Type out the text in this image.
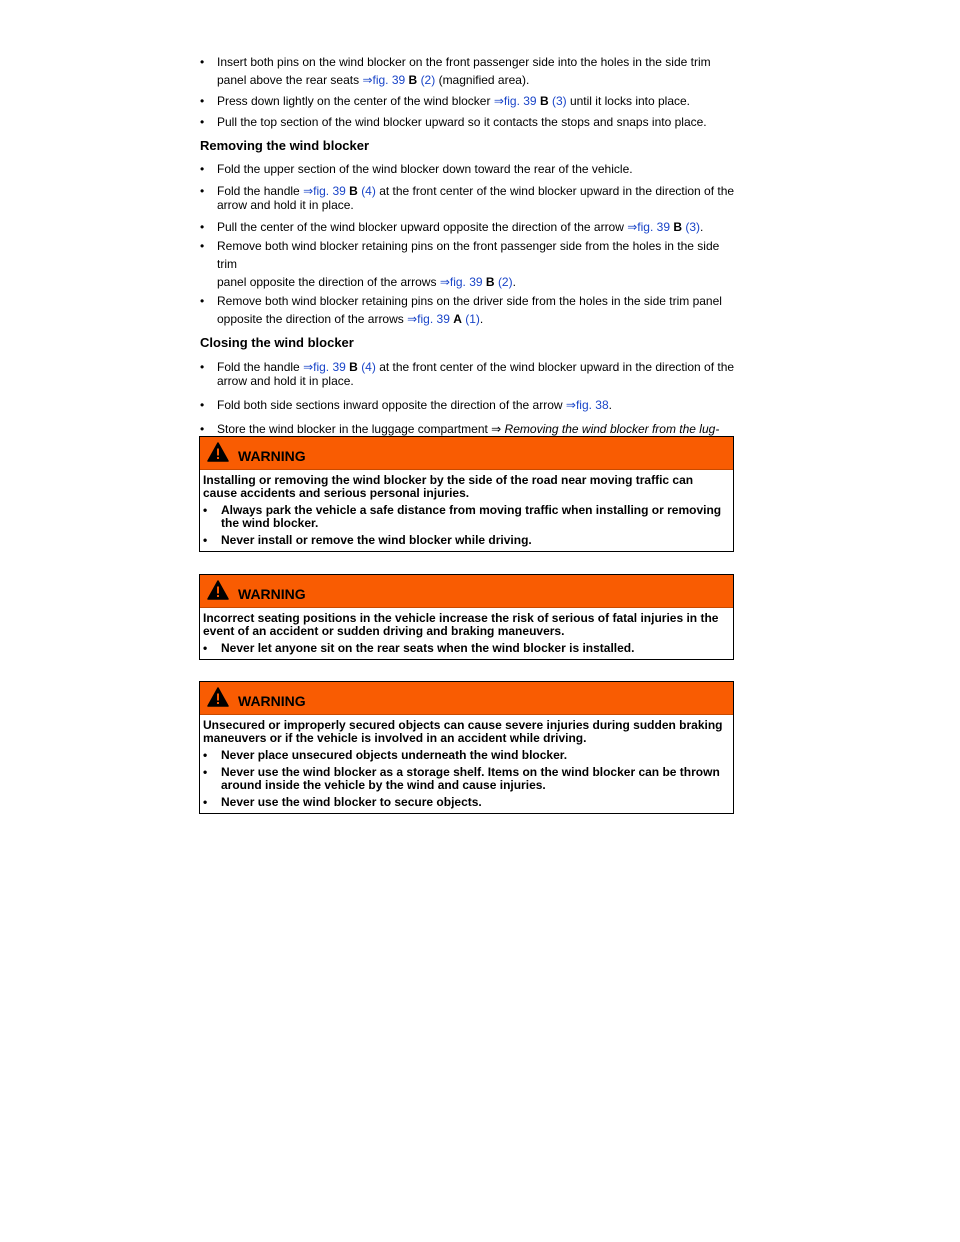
•
Insert both pins on the wind blocker on the front passenger side into the holes in the side trim
panel above the rear seats ⇒fig. 39 B (2) (magnified area).
•
Press down lightly on the center of the wind blocker ⇒fig. 39 B (3) until it locks into place.
•
Pull the top section of the wind blocker upward so it contacts the stops and snaps into place.
Removing the wind blocker
•
Fold the upper section of the wind blocker down toward the rear of the vehicle.
•
Fold the handle ⇒fig. 39 B (4) at the front center of the wind blocker upward in the direction of the
arrow and hold it in place.
•
Pull the center of the wind blocker upward opposite the direction of the arrow ⇒fig. 39 B (3).
•
Remove both wind blocker retaining pins on the front passenger side from the holes in the side trim
panel opposite the direction of the arrows ⇒fig. 39 B (2).
•
Remove both wind blocker retaining pins on the driver side from the holes in the side trim panel
opposite the direction of the arrows ⇒fig. 39 A (1).
Closing the wind blocker
•
Fold the handle ⇒fig. 39 B (4) at the front center of the wind blocker upward in the direction of the
arrow and hold it in place.
•
Fold both side sections inward opposite the direction of the arrow ⇒fig. 38.
•
Store the wind blocker in the luggage compartment ⇒ Removing the wind blocker from the lug-

WARNING
Installing or removing the wind blocker by the side of the road near moving traffic can cause accidents and serious personal injuries.
•
Always park the vehicle a safe distance from moving traffic when installing or removing the wind blocker.
•
Never install or remove the wind blocker while driving.
WARNING
Incorrect seating positions in the vehicle increase the risk of serious of fatal injuries in the event of an accident or sudden driving and braking maneuvers.
•
Never let anyone sit on the rear seats when the wind blocker is installed.
WARNING
Unsecured or improperly secured objects can cause severe injuries during sudden braking maneuvers or if the vehicle is involved in an accident while driving.
•
Never place unsecured objects underneath the wind blocker.
•
Never use the wind blocker as a storage shelf. Items on the wind blocker can be thrown around inside the vehicle by the wind and cause injuries.
•
Never use the wind blocker to secure objects.
